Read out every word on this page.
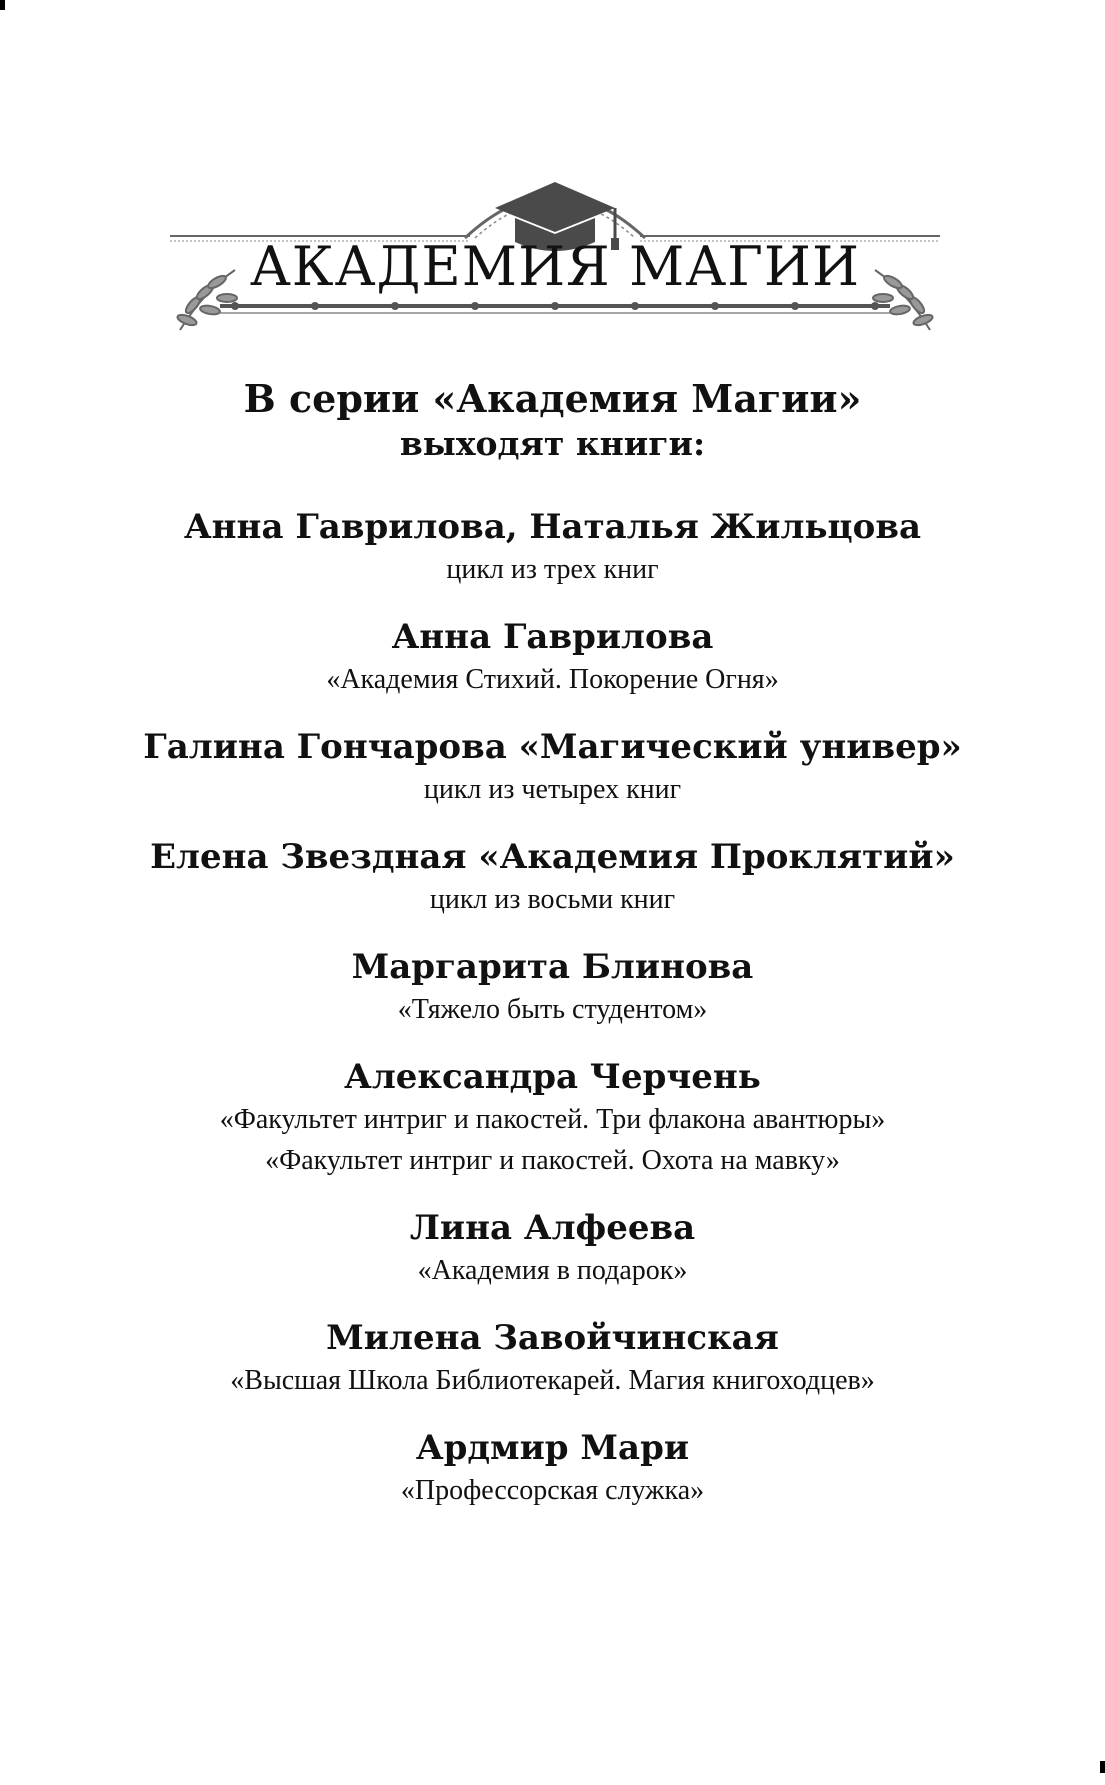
АКАДЕМИЯ МАГИИ

В серии «Академия Магии»

выходят книги:

Анна Гаврилова, Наталья Жильцова

цикл из трех книг

Анна Гаврилова

«Академия Стихий. Покорение Огня»

Галина Гончарова «Магический универ»

цикл из четырех книг

Елена Звездная «Академия Проклятий»

цикл из восьми книг

Маргарита Блинова

«Тяжело быть студентом»

Александра Черчень

«Факультет интриг и пакостей. Три флакона авантюры»

«Факультет интриг и пакостей. Охота на мавку»

Лина Алфеева

«Академия в подарок»

Милена Завойчинская

«Высшая Школа Библиотекарей. Магия книгоходцев»

Ардмир Мари

«Профессорская служка»
